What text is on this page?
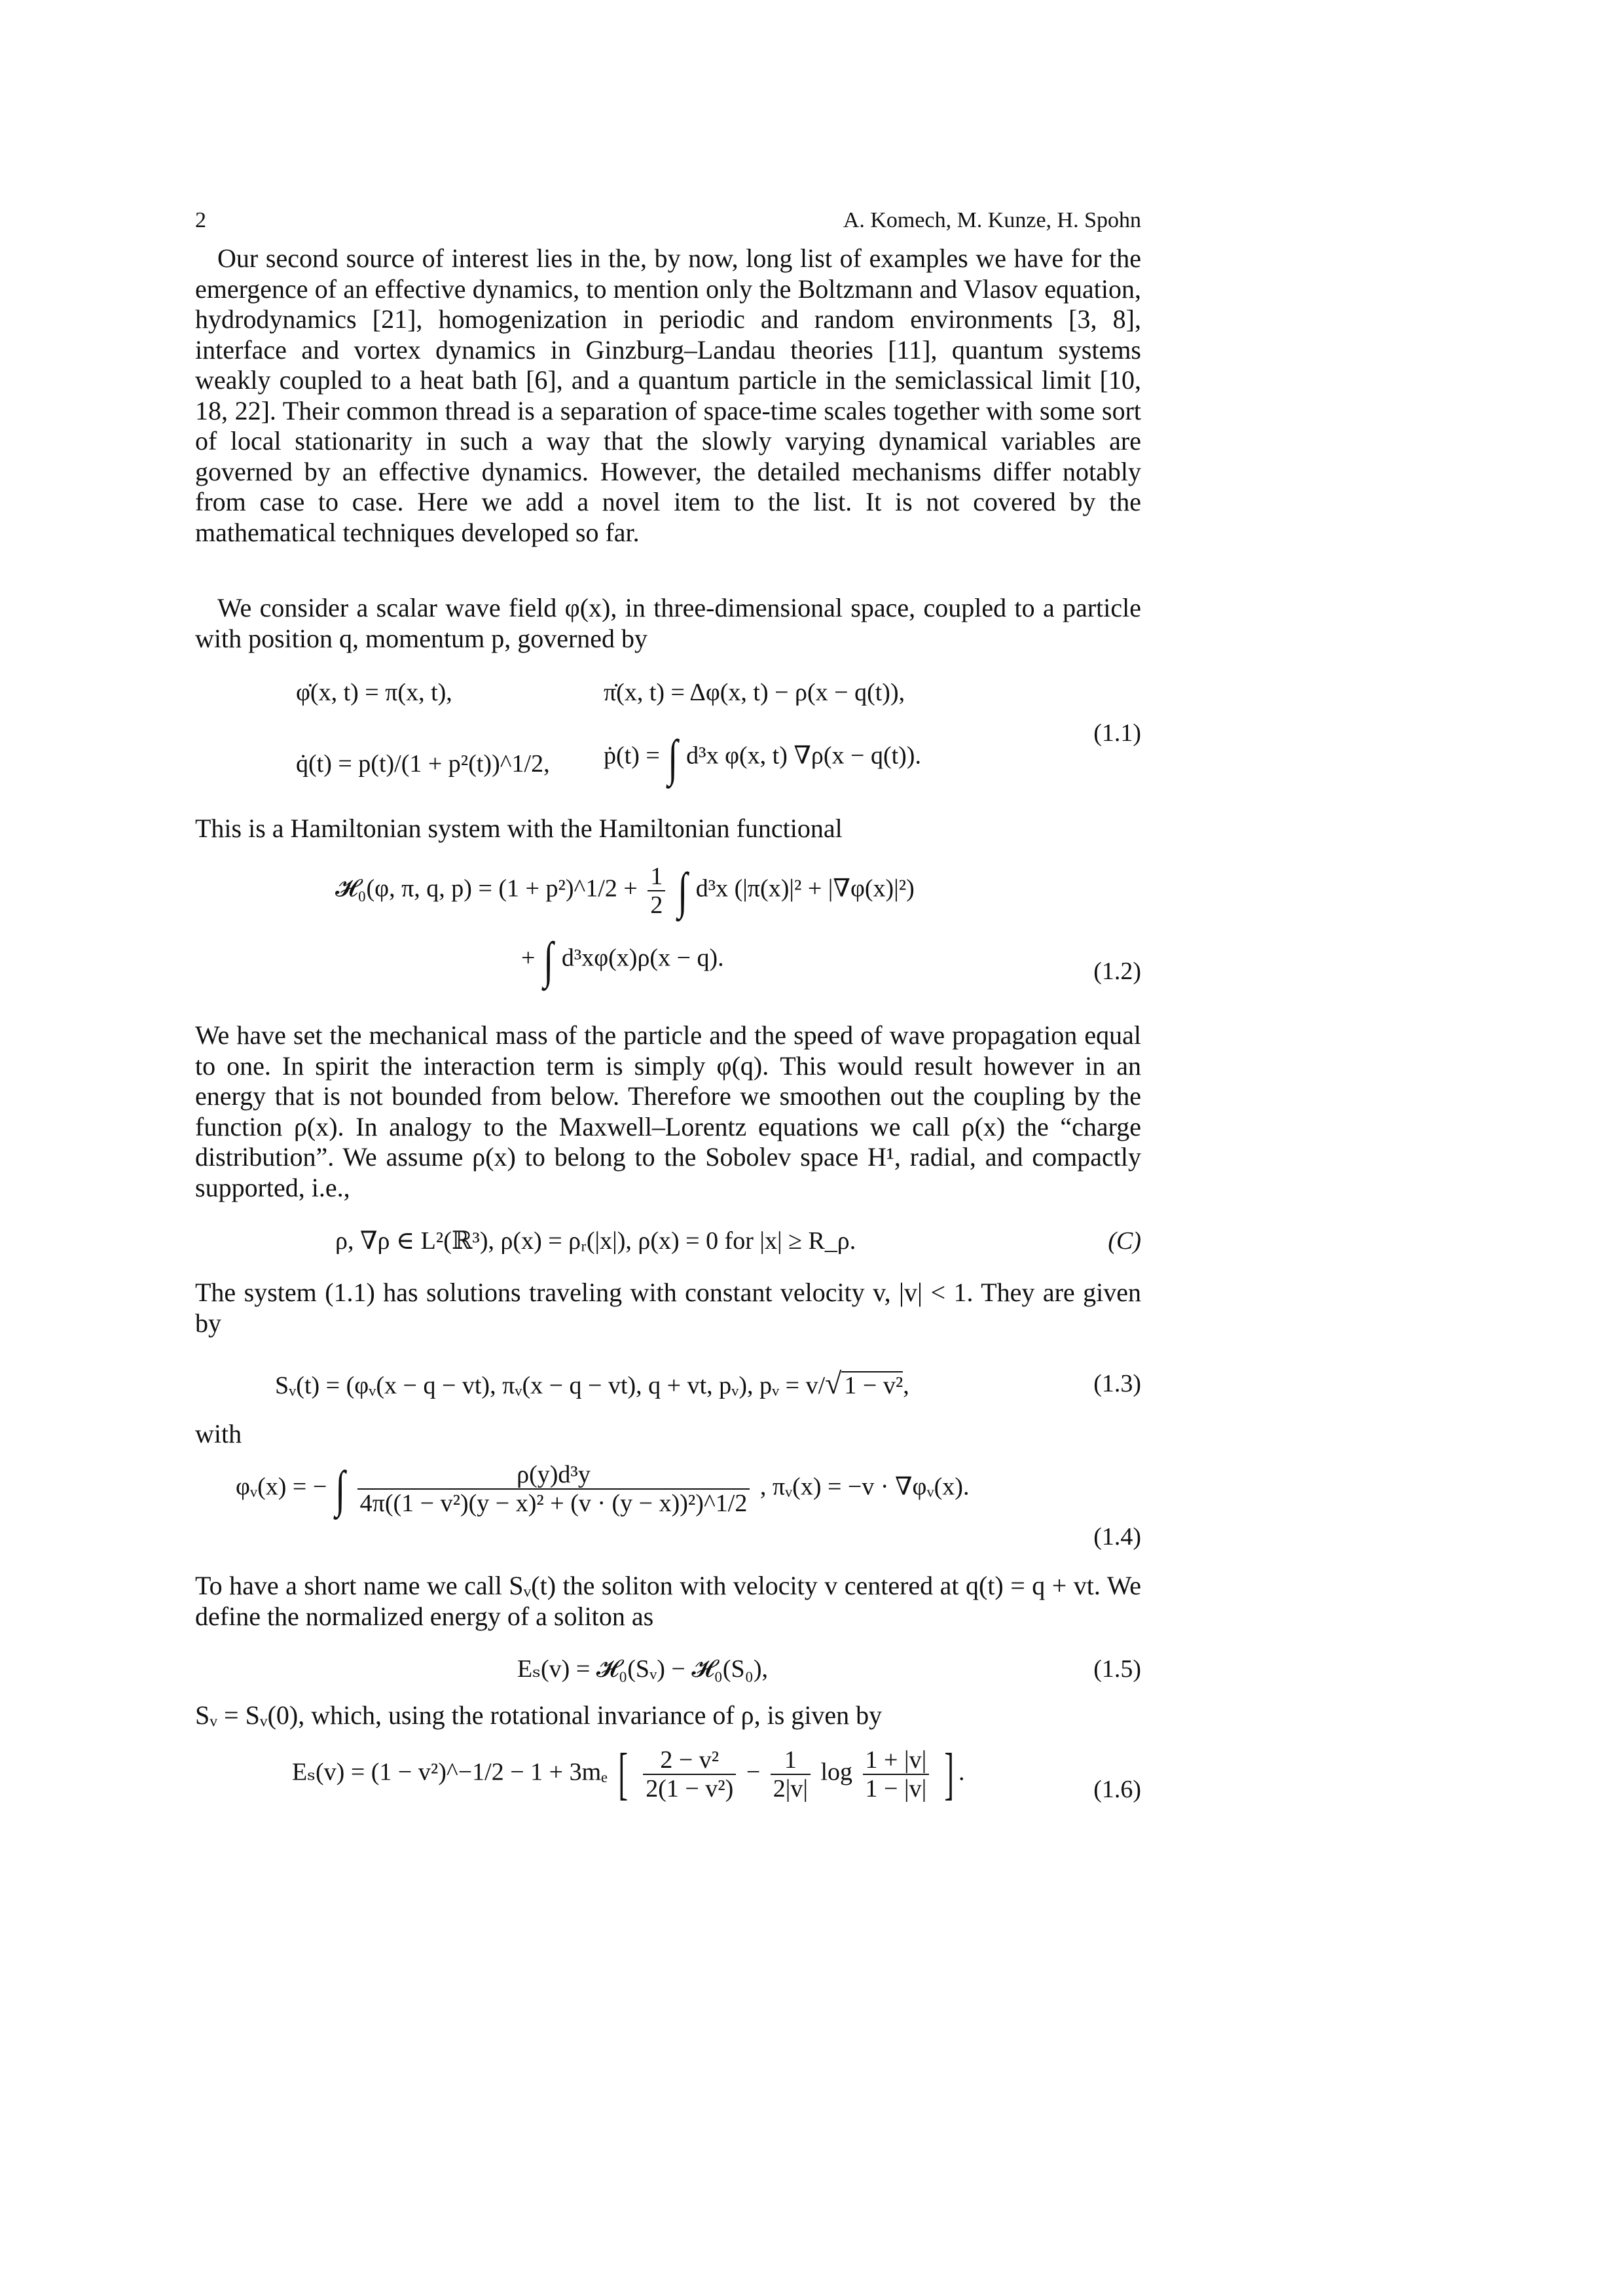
2	A. Komech, M. Kunze, H. Spohn

Our second source of interest lies in the, by now, long list of examples we have for the emergence of an effective dynamics, to mention only the Boltzmann and Vlasov equation, hydrodynamics [21], homogenization in periodic and random environments [3, 8], interface and vortex dynamics in Ginzburg–Landau theories [11], quantum systems weakly coupled to a heat bath [6], and a quantum particle in the semiclassical limit [10, 18, 22]. Their common thread is a separation of space-time scales together with some sort of local stationarity in such a way that the slowly varying dynamical variables are governed by an effective dynamics. However, the detailed mechanisms differ notably from case to case. Here we add a novel item to the list. It is not covered by the mathematical techniques developed so far.

We consider a scalar wave field φ(x), in three-dimensional space, coupled to a particle with position q, momentum p, governed by

φ̇(x, t) = π(x, t),	π̇(x, t) = Δφ(x, t) − ρ(x − q(t)),
q̇(t) = p(t)/(1 + p²(t))^1/2, ṗ(t) = ∫ d³x φ(x, t) ∇ρ(x − q(t)).
(1.1)

This is a Hamiltonian system with the Hamiltonian functional

𝓗₀(φ, π, q, p) = (1 + p²)^1/2 + $\frac{1}{2}$ ∫ d³x (|π(x)|² + |∇φ(x)|²)
+ ∫ d³xφ(x)ρ(x − q).	(1.2)

We have set the mechanical mass of the particle and the speed of wave propagation equal to one. In spirit the interaction term is simply φ(q). This would result however in an energy that is not bounded from below. Therefore we smoothen out the coupling by the function ρ(x). In analogy to the Maxwell–Lorentz equations we call ρ(x) the “charge distribution”. We assume ρ(x) to belong to the Sobolev space H¹, radial, and compactly supported, i.e.,

ρ, ∇ρ ∈ L²(ℝ³), ρ(x) = ρᵣ(|x|), ρ(x) = 0 for |x| ≥ R_ρ.	(C)

The system (1.1) has solutions traveling with constant velocity v, |v| < 1. They are given by

Sᵥ(t) = (φᵥ(x − q − vt), πᵥ(x − q − vt), q + vt, pᵥ), pᵥ = v/√ 1 − v²,	(1.3)

with

φᵥ(x) = − ∫ $\frac{\text{ρ(y)d³y}}{\text{4π((1 − v²)(y − x)² + (v · (y − x))²)\textasciicircum{}1/2}}$ , πᵥ(x) = −v · ∇φᵥ(x).
(1.4)

To have a short name we call Sᵥ(t) the soliton with velocity v centered at q(t) = q + vt. We define the normalized energy of a soliton as

Eₛ(v) = 𝓗₀(Sᵥ) − 𝓗₀(S₀),	(1.5)

Sᵥ = Sᵥ(0), which, using the rotational invariance of ρ, is given by

Eₛ(v) = (1 − v²)^−1/2 − 1 + 3mₑ [ $\frac{\text{2 − v²}}{\text{2(1 − v²)}} - \frac{1}{2|v|}$ $\log \frac{1 + |v|}{1 - |v|}$ ] .
(1.6)
